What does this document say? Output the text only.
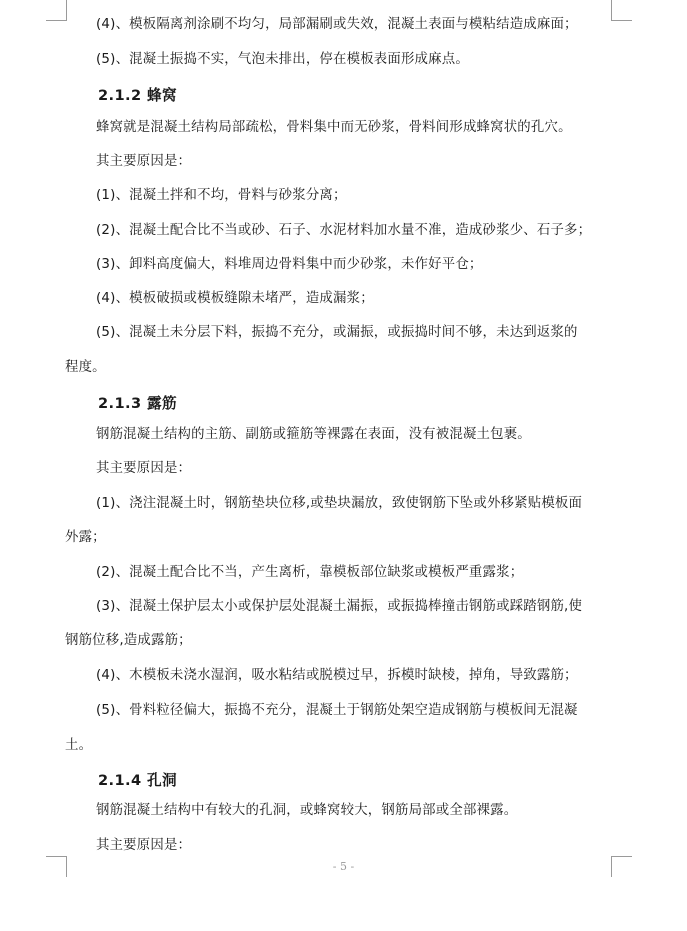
(4)、模板隔离剂涂刷不均匀，局部漏刷或失效，混凝土表面与模粘结造成麻面；
(5)、混凝土振捣不实，气泡未排出，停在模板表面形成麻点。
2.1.2 蜂窝
蜂窝就是混凝土结构局部疏松，骨料集中而无砂浆，骨料间形成蜂窝状的孔穴。
其主要原因是：
(1)、混凝土拌和不均，骨料与砂浆分离；
(2)、混凝土配合比不当或砂、石子、水泥材料加水量不准，造成砂浆少、石子多；
(3)、卸料高度偏大，料堆周边骨料集中而少砂浆，未作好平仓；
(4)、模板破损或模板缝隙未堵严，造成漏浆；
(5)、混凝土未分层下料，振捣不充分，或漏振，或振捣时间不够，未达到返浆的
程度。
2.1.3 露筋
钢筋混凝土结构的主筋、副筋或箍筋等裸露在表面，没有被混凝土包裹。
其主要原因是：
(1)、浇注混凝土时，钢筋垫块位移,或垫块漏放，致使钢筋下坠或外移紧贴模板面
外露；
(2)、混凝土配合比不当，产生离析，靠模板部位缺浆或模板严重露浆；
(3)、混凝土保护层太小或保护层处混凝土漏振，或振捣棒撞击钢筋或踩踏钢筋,使
钢筋位移,造成露筋；
(4)、木模板未浇水湿润，吸水粘结或脱模过早，拆模时缺棱，掉角，导致露筋；
(5)、骨料粒径偏大，振捣不充分，混凝土于钢筋处架空造成钢筋与模板间无混凝
土。
2.1.4 孔洞
钢筋混凝土结构中有较大的孔洞，或蜂窝较大，钢筋局部或全部裸露。
其主要原因是：
- 5 -
